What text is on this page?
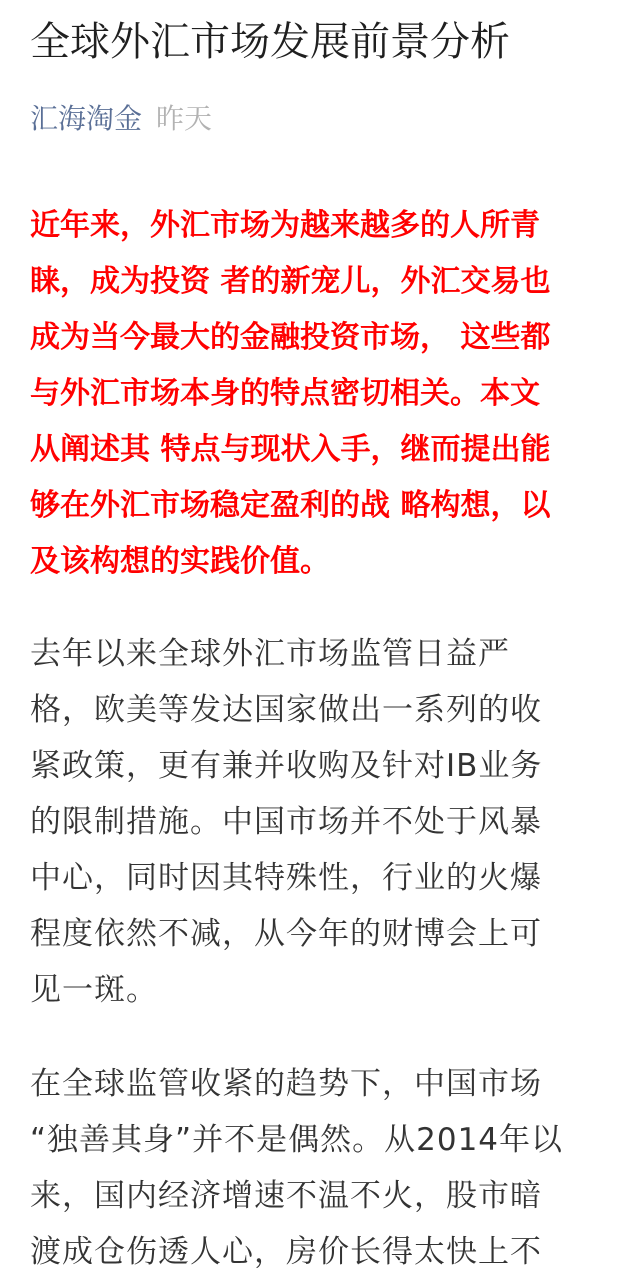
全球外汇市场发展前景分析
汇海淘金 昨天

近年来，外汇市场为越来越多的人所青
睐，成为投资 者的新宠儿，外汇交易也
成为当今最大的金融投资市场， 这些都
与外汇市场本身的特点密切相关。本文
从阐述其 特点与现状入手，继而提出能
够在外汇市场稳定盈利的战 略构想，以
及该构想的实践价值。

去年以来全球外汇市场监管日益严
格，欧美等发达国家做出一系列的收
紧政策，更有兼并收购及针对IB业务
的限制措施。中国市场并不处于风暴
中心，同时因其特殊性，行业的火爆
程度依然不减，从今年的财博会上可
见一斑。

在全球监管收紧的趋势下，中国市场
“独善其身”并不是偶然。从2014年以
来，国内经济增速不温不火，股市暗
渡成仓伤透人心，房价长得太快上不
